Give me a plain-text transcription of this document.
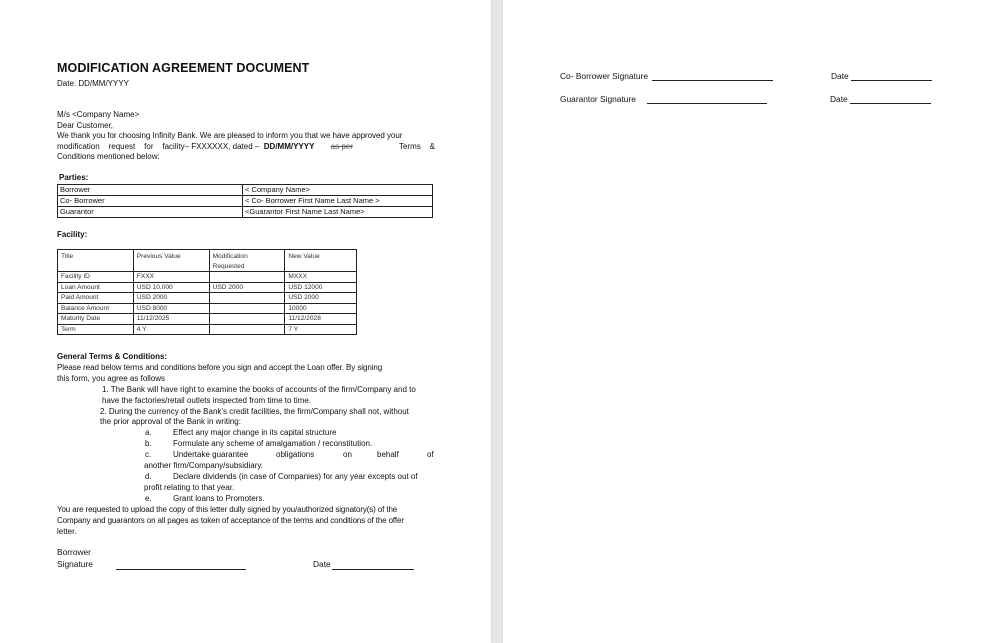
MODIFICATION AGREEMENT DOCUMENT
Date: DD/MM/YYYY

M/s <Company Name>

Dear Customer,

We thank you for choosing Infinity Bank. We are pleased to inform you that we have approved your

modification    request    for    facility– FXXXXXX, dated –  DD/MM/YYYY as per	Terms    &

Conditions mentioned below:

Parties:
Borrower	< Company Name>
Co- Borrower	< Co- Borrower First Name Last Name >
Guarantor	<Guarantor First Name Last Name>
Facility:
Title	Previous Value	Modification Requested	New Value
Facility ID	FXXX		MXXX
Loan Amount	USD 10,000	USD 2000	USD 12000
Paid Amount	USD 2000		USD 2000
Balance Amount	USD 8000		10000
Maturity Date	11/12/2025		11/12/2028
Term	4 Y		7 Y
General Terms & Conditions:
Please read below terms and conditions before you sign and accept the Loan offer. By signing
this form, you agree as follows
1. The Bank will have right to examine the books of accounts of the firm/Company and to
have the factories/retail outlets inspected from time to time.
2. During the currency of the Bank’s credit facilities, the firm/Company shall not, without
the prior approval of the Bank in writing:
a.	Effect any major change in its capital structure

b.	Formulate any scheme of amalgamation / reconstitution.

c.	Undertake guarantee	obligations	on	behalf	of

another firm/Company/subsidiary.
d.	Declare dividends (in case of Companies) for any year excepts out of

profit relating to that year.
e.	Grant loans to Promoters.

You are requested to upload the copy of this letter dully signed by you/authorized signatory(s) of the
Company and guarantors on all pages as token of acceptance of the terms and conditions of the offer
letter.
Borrower
Signature	Date
Co- Borrower Signature	Date
Guarantor Signature	Date
